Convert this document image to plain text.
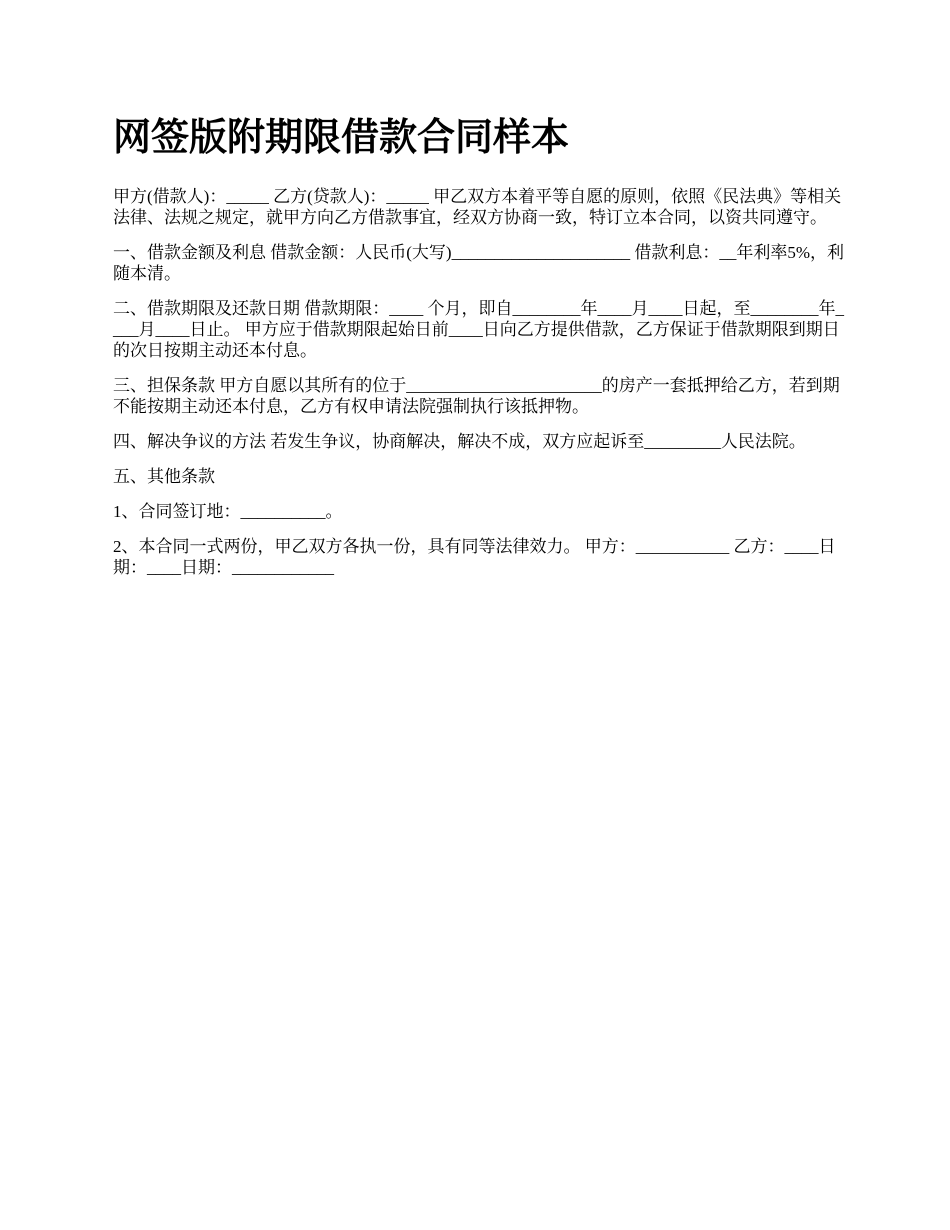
网签版附期限借款合同样本

甲方(借款人)：_____ 乙方(贷款人)：_____ 甲乙双方本着平等自愿的原则，依照《民法典》等相关法律、法规之规定，就甲方向乙方借款事宜，经双方协商一致，特订立本合同，以资共同遵守。

一、借款金额及利息 借款金额：人民币(大写)_____________________ 借款利息：__年利率5%，利随本清。

二、借款期限及还款日期 借款期限：____ 个月，即自________年____月____日起，至________年____月____日止。 甲方应于借款期限起始日前____日向乙方提供借款，乙方保证于借款期限到期日的次日按期主动还本付息。

三、担保条款 甲方自愿以其所有的位于_______________________的房产一套抵押给乙方，若到期不能按期主动还本付息，乙方有权申请法院强制执行该抵押物。

四、解决争议的方法 若发生争议，协商解决，解决不成，双方应起诉至_________人民法院。

五、其他条款

1、合同签订地：__________。

2、本合同一式两份，甲乙双方各执一份，具有同等法律效力。 甲方：___________ 乙方：____日期：____日期：____________
